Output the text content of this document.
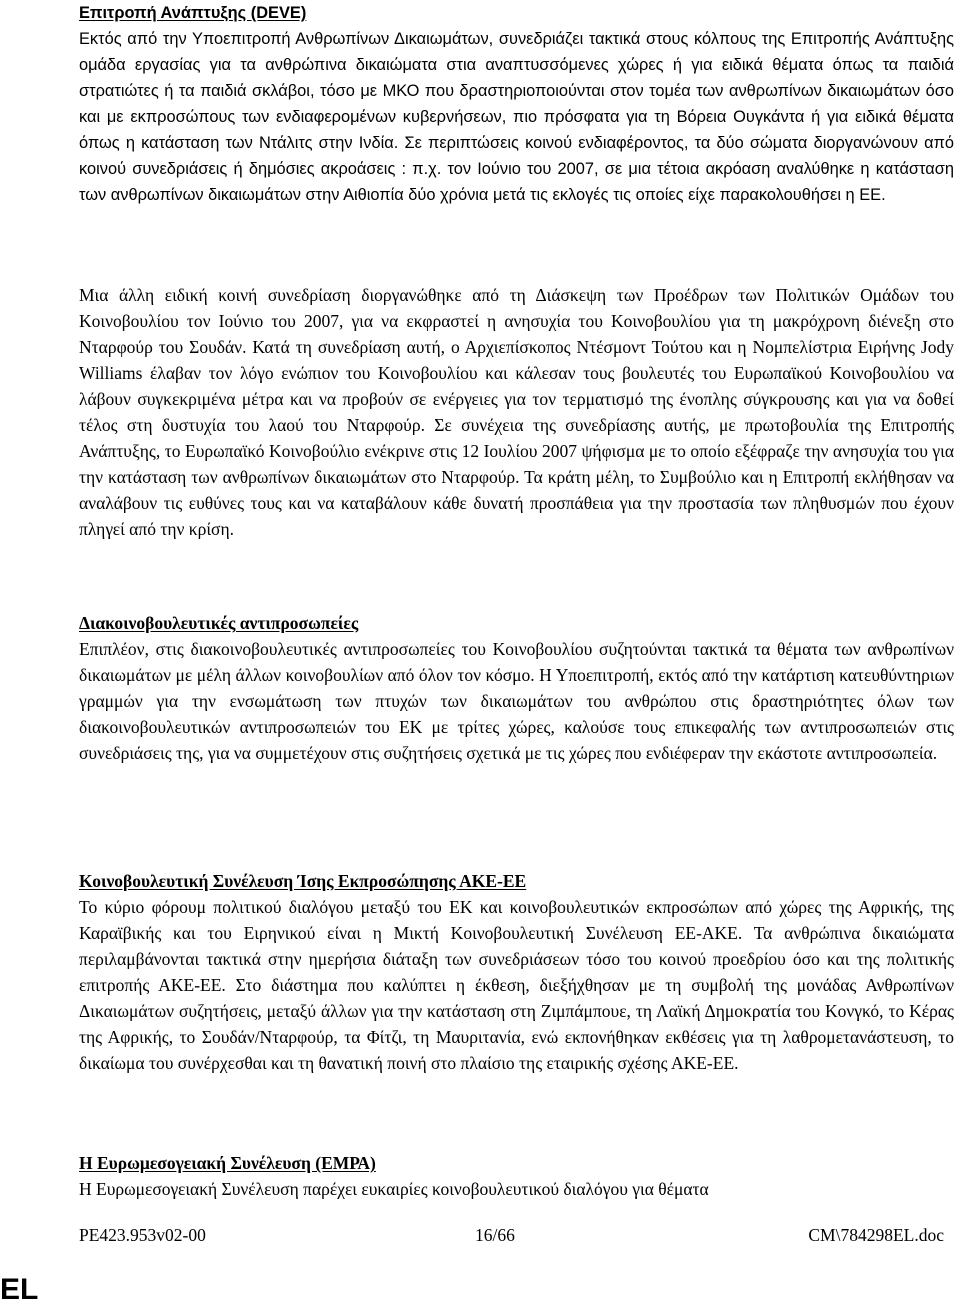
Επιτροπή Ανάπτυξης (DEVE)

Εκτός από την Υποεπιτροπή Ανθρωπίνων Δικαιωμάτων, συνεδριάζει τακτικά στους κόλπους της Επιτροπής Ανάπτυξης ομάδα εργασίας για τα ανθρώπινα δικαιώματα στια αναπτυσσόμενες χώρες ή για ειδικά θέματα όπως τα παιδιά στρατιώτες ή τα παιδιά σκλάβοι, τόσο με ΜΚΟ που δραστηριοποιούνται στον τομέα των ανθρωπίνων δικαιωμάτων όσο και με εκπροσώπους των ενδιαφερομένων κυβερνήσεων, πιο πρόσφατα για τη Βόρεια Ουγκάντα ή για ειδικά θέματα όπως η κατάσταση των Ντάλιτς στην Ινδία. Σε περιπτώσεις κοινού ενδιαφέροντος, τα δύο σώματα διοργανώνουν από κοινού συνεδριάσεις ή δημόσιες ακροάσεις : π.χ. τον Ιούνιο του 2007, σε μια τέτοια ακρόαση αναλύθηκε η κατάσταση των ανθρωπίνων δικαιωμάτων στην Αιθιοπία δύο χρόνια μετά τις εκλογές τις οποίες είχε παρακολουθήσει η ΕΕ.

Μια άλλη ειδική κοινή συνεδρίαση διοργανώθηκε από τη Διάσκεψη των Προέδρων των Πολιτικών Ομάδων του Κοινοβουλίου τον Ιούνιο του 2007, για να εκφραστεί η ανησυχία του Κοινοβουλίου για τη μακρόχρονη διένεξη στο Νταρφούρ του Σουδάν. Κατά τη συνεδρίαση αυτή, ο Αρχιεπίσκοπος Ντέσμοντ Τούτου και η Νομπελίστρια Ειρήνης Jody Williams έλαβαν τον λόγο ενώπιον του Κοινοβουλίου και κάλεσαν τους βουλευτές του Ευρωπαϊκού Κοινοβουλίου να λάβουν συγκεκριμένα μέτρα και να προβούν σε ενέργειες για τον τερματισμό της ένοπλης σύγκρουσης και για να δοθεί τέλος στη δυστυχία του λαού του Νταρφούρ. Σε συνέχεια της συνεδρίασης αυτής, με πρωτοβουλία της Επιτροπής Ανάπτυξης, το Ευρωπαϊκό Κοινοβούλιο ενέκρινε στις 12 Ιουλίου 2007 ψήφισμα με το οποίο εξέφραζε την ανησυχία του για την κατάσταση των ανθρωπίνων δικαιωμάτων στο Νταρφούρ. Τα κράτη μέλη, το Συμβούλιο και η Επιτροπή εκλήθησαν να αναλάβουν τις ευθύνες τους και να καταβάλουν κάθε δυνατή προσπάθεια για την προστασία των πληθυσμών που έχουν πληγεί από την κρίση.

Διακοινοβουλευτικές αντιπροσωπείες

Επιπλέον, στις διακοινοβουλευτικές αντιπροσωπείες του Κοινοβουλίου συζητούνται τακτικά τα θέματα των ανθρωπίνων δικαιωμάτων με μέλη άλλων κοινοβουλίων από όλον τον κόσμο. Η Υποεπιτροπή, εκτός από την κατάρτιση κατευθύντηριων γραμμών για την ενσωμάτωση των πτυχών των δικαιωμάτων του ανθρώπου στις δραστηριότητες όλων των διακοινοβουλευτικών αντιπροσωπειών του ΕΚ με τρίτες χώρες, καλούσε τους επικεφαλής των αντιπροσωπειών στις συνεδριάσεις της, για να συμμετέχουν στις συζητήσεις σχετικά με τις χώρες που ενδιέφεραν την εκάστοτε αντιπροσωπεία.

Κοινοβουλευτική Συνέλευση Ίσης Εκπροσώπησης ΑΚΕ-ΕΕ

Το κύριο φόρουμ πολιτικού διαλόγου μεταξύ του ΕΚ και κοινοβουλευτικών εκπροσώπων από χώρες της Αφρικής, της Καραϊβικής και του Ειρηνικού είναι η Μικτή Κοινοβουλευτική Συνέλευση ΕΕ-ΑΚΕ. Τα ανθρώπινα δικαιώματα περιλαμβάνονται τακτικά στην ημερήσια διάταξη των συνεδριάσεων τόσο του κοινού προεδρίου όσο και της πολιτικής επιτροπής ΑΚΕ-ΕΕ. Στο διάστημα που καλύπτει η έκθεση, διεξήχθησαν με τη συμβολή της μονάδας Ανθρωπίνων Δικαιωμάτων συζητήσεις, μεταξύ άλλων για την κατάσταση στη Ζιμπάμπουε, τη Λαϊκή Δημοκρατία του Κονγκό, το Κέρας της Αφρικής, το Σουδάν/Νταρφούρ, τα Φίτζι, τη Μαυριτανία, ενώ εκπονήθηκαν εκθέσεις για τη λαθρομετανάστευση, το δικαίωμα του συνέρχεσθαι και τη θανατική ποινή στο πλαίσιο της εταιρικής σχέσης ΑΚΕ-ΕΕ.

Η Ευρωμεσογειακή Συνέλευση (ΕΜΡΑ)

Η Ευρωμεσογειακή Συνέλευση παρέχει ευκαιρίες κοινοβουλευτικού διαλόγου για θέματα

PE423.953v02-00	16/66	CM\784298EL.doc
EL
